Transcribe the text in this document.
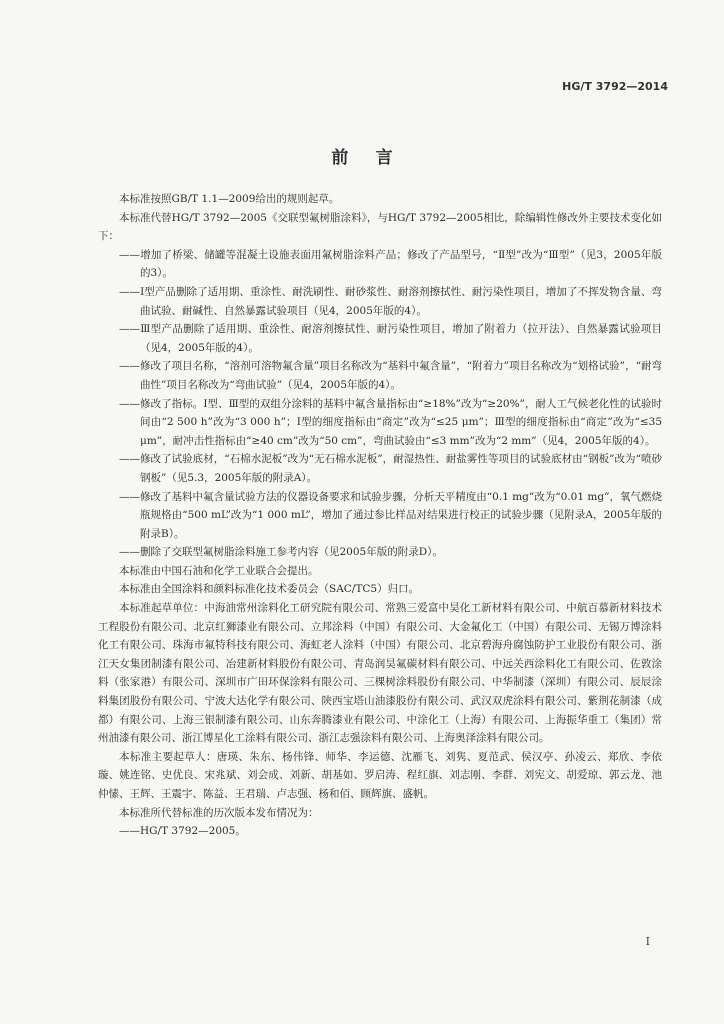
HG/T 3792—2014
前言

本标准按照GB/T 1.1—2009给出的规则起草。

本标准代替HG/T 3792—2005《交联型氟树脂涂料》，与HG/T 3792—2005相比，除编辑性修改外主要技术变化如下：

——增加了桥梁、储罐等混凝土设施表面用氟树脂涂料产品；修改了产品型号，“Ⅱ型”改为“Ⅲ型”（见3，2005年版的3）。

——Ⅰ型产品删除了适用期、重涂性、耐洗刷性、耐砂浆性、耐溶剂擦拭性、耐污染性项目，增加了不挥发物含量、弯曲试验、耐碱性、自然暴露试验项目（见4，2005年版的4）。

——Ⅲ型产品删除了适用期、重涂性、耐溶剂擦拭性、耐污染性项目，增加了附着力（拉开法）、自然暴露试验项目（见4，2005年版的4）。

——修改了项目名称，“溶剂可溶物氟含量”项目名称改为“基料中氟含量”，“附着力”项目名称改为“划格试验”，“耐弯曲性”项目名称改为“弯曲试验”（见4，2005年版的4）。

——修改了指标。Ⅰ型、Ⅲ型的双组分涂料的基料中氟含量指标由“≥18%”改为“≥20%”，耐人工气候老化性的试验时间由“2 500 h”改为“3 000 h”；Ⅰ型的细度指标由“商定”改为“≤25 μm”；Ⅲ型的细度指标由“商定”改为“≤35 μm”，耐冲击性指标由“≥40 cm”改为“50 cm”，弯曲试验由“≤3 mm”改为“2 mm”（见4，2005年版的4）。

——修改了试验底材，“石棉水泥板”改为“无石棉水泥板”，耐湿热性、耐盐雾性等项目的试验底材由“钢板”改为“喷砂钢板”（见5.3，2005年版的附录A）。

——修改了基料中氟含量试验方法的仪器设备要求和试验步骤，分析天平精度由“0.1 mg”改为“0.01 mg”，氧气燃烧瓶规格由“500 mL”改为“1 000 mL”，增加了通过参比样品对结果进行校正的试验步骤（见附录A，2005年版的附录B）。

——删除了交联型氟树脂涂料施工参考内容（见2005年版的附录D）。

本标准由中国石油和化学工业联合会提出。

本标准由全国涂料和颜料标准化技术委员会（SAC/TC5）归口。

本标准起草单位：中海油常州涂料化工研究院有限公司、常熟三爱富中昊化工新材料有限公司、中航百慕新材料技术工程股份有限公司、北京红狮漆业有限公司、立邦涂料（中国）有限公司、大金氟化工（中国）有限公司、无锡万博涂料化工有限公司、珠海市氟特科技有限公司、海虹老人涂料（中国）有限公司、北京碧海舟腐蚀防护工业股份有限公司、浙江天女集团制漆有限公司、冶建新材料股份有限公司、青岛润昊氟碳材料有限公司、中远关西涂料化工有限公司、佐敦涂料（张家港）有限公司、深圳市广田环保涂料有限公司、三棵树涂料股份有限公司、中华制漆（深圳）有限公司、辰辰涂料集团股份有限公司、宁波大达化学有限公司、陕西宝塔山油漆股份有限公司、武汉双虎涂料有限公司、紫荆花制漆（成都）有限公司、上海三银制漆有限公司、山东奔腾漆业有限公司、中涂化工（上海）有限公司、上海振华重工（集团）常州油漆有限公司、浙江博星化工涂料有限公司、浙江志强涂料有限公司、上海奥泽涂料有限公司。

本标准主要起草人：唐瑛、朱东、杨伟锋、师华、李运德、沈雁飞、刘隽、夏范武、侯汉亭、孙凌云、郑欣、李依璇、姚连铭、史优良、宋兆斌、刘会成、刘新、胡基如、罗启涛、程红旗、刘志刚、李群、刘宪文、胡爱琼、郭云龙、池仲愫、王辉、王震宇、陈益、王君瑞、卢志强、杨和佰、顾辉旗、盛帆。

本标准所代替标准的历次版本发布情况为：

——HG/T 3792—2005。

I
